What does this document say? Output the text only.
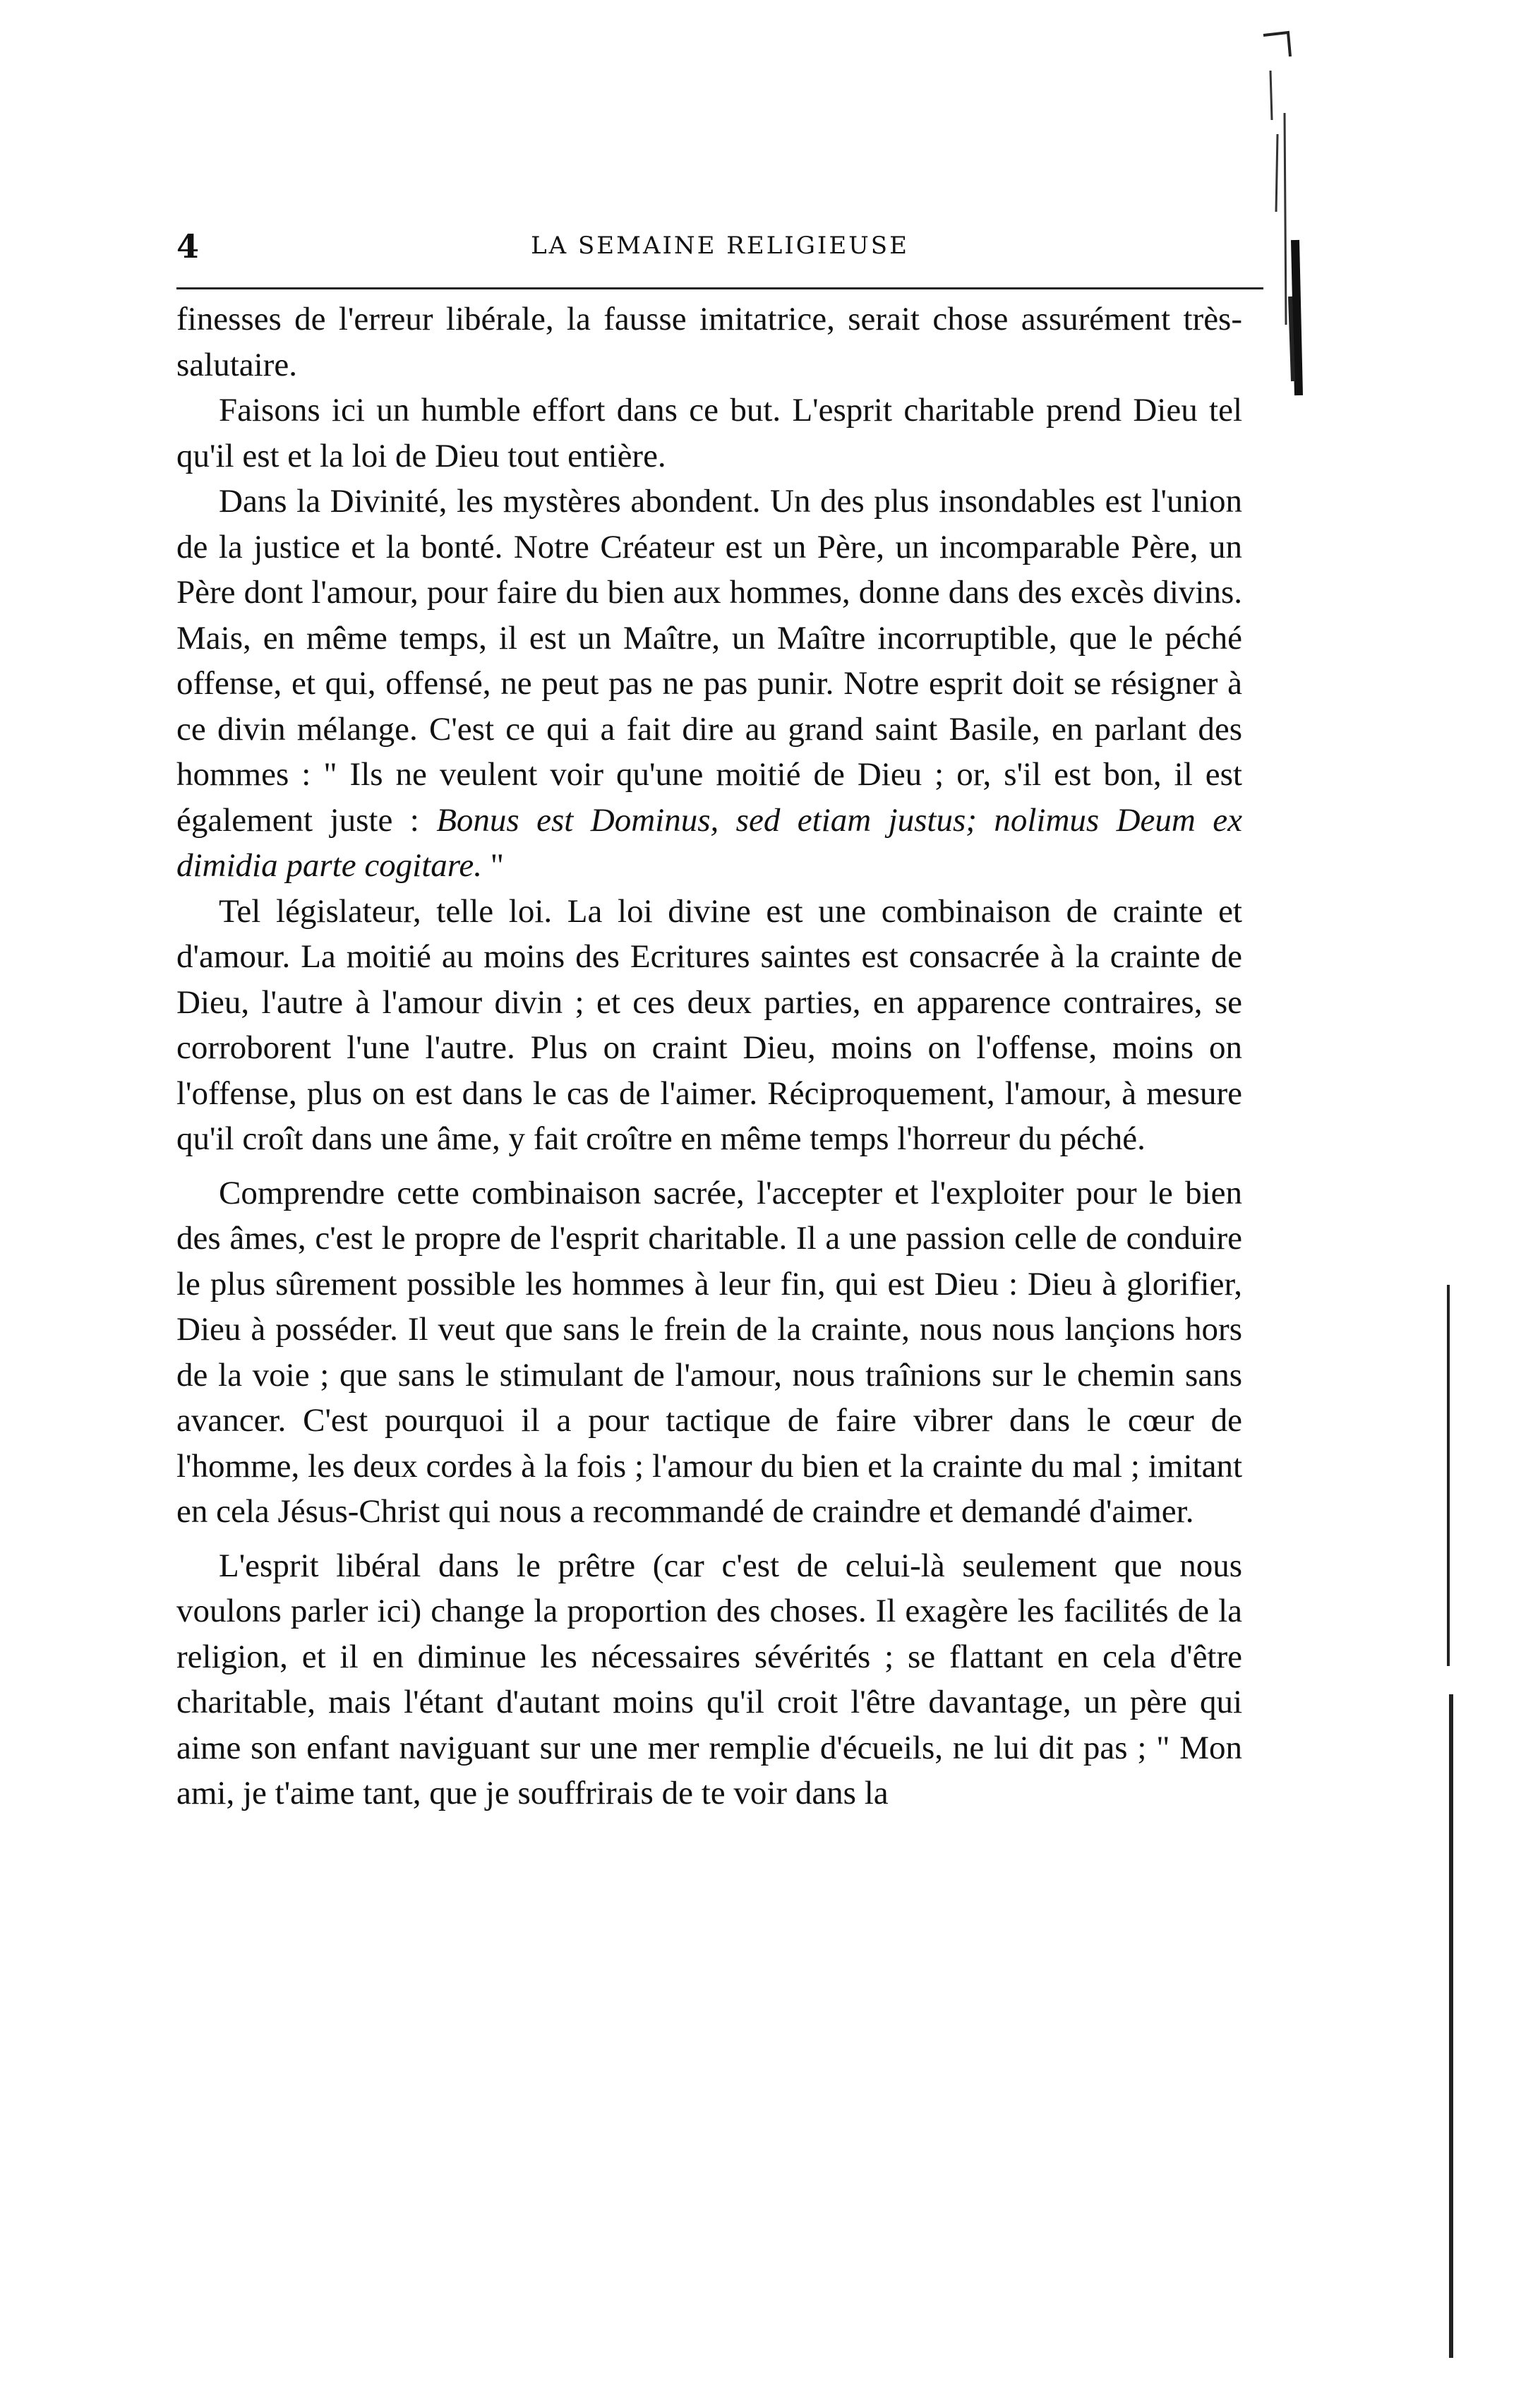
4	LA SEMAINE RELIGIEUSE

finesses de l'erreur libérale, la fausse imitatrice, serait chose assurément très-salutaire.

Faisons ici un humble effort dans ce but. L'esprit charitable prend Dieu tel qu'il est et la loi de Dieu tout entière.

Dans la Divinité, les mystères abondent. Un des plus insondables est l'union de la justice et la bonté. Notre Créateur est un Père, un incomparable Père, un Père dont l'amour, pour faire du bien aux hommes, donne dans des excès divins. Mais, en même temps, il est un Maître, un Maître incorruptible, que le péché offense, et qui, offensé, ne peut pas ne pas punir. Notre esprit doit se résigner à ce divin mélange. C'est ce qui a fait dire au grand saint Basile, en parlant des hommes : " Ils ne veulent voir qu'une moitié de Dieu ; or, s'il est bon, il est également juste : Bonus est Dominus, sed etiam justus; nolimus Deum ex dimidia parte cogitare. "

Tel législateur, telle loi. La loi divine est une combinaison de crainte et d'amour. La moitié au moins des Ecritures saintes est consacrée à la crainte de Dieu, l'autre à l'amour divin ; et ces deux parties, en apparence contraires, se corroborent l'une l'autre. Plus on craint Dieu, moins on l'offense, moins on l'offense, plus on est dans le cas de l'aimer. Réciproquement, l'amour, à mesure qu'il croît dans une âme, y fait croître en même temps l'horreur du péché.

Comprendre cette combinaison sacrée, l'accepter et l'exploiter pour le bien des âmes, c'est le propre de l'esprit charitable. Il a une passion celle de conduire le plus sûrement possible les hommes à leur fin, qui est Dieu : Dieu à glorifier, Dieu à posséder. Il veut que sans le frein de la crainte, nous nous lançions hors de la voie ; que sans le stimulant de l'amour, nous traînions sur le chemin sans avancer. C'est pourquoi il a pour tactique de faire vibrer dans le cœur de l'homme, les deux cordes à la fois ; l'amour du bien et la crainte du mal ; imitant en cela Jésus-Christ qui nous a recommandé de craindre et demandé d'aimer.

L'esprit libéral dans le prêtre (car c'est de celui-là seulement que nous voulons parler ici) change la proportion des choses. Il exagère les facilités de la religion, et il en diminue les nécessaires sévérités ; se flattant en cela d'être charitable, mais l'étant d'autant moins qu'il croit l'être davantage, un père qui aime son enfant naviguant sur une mer remplie d'écueils, ne lui dit pas ; " Mon ami, je t'aime tant, que je souffrirais de te voir dans la
